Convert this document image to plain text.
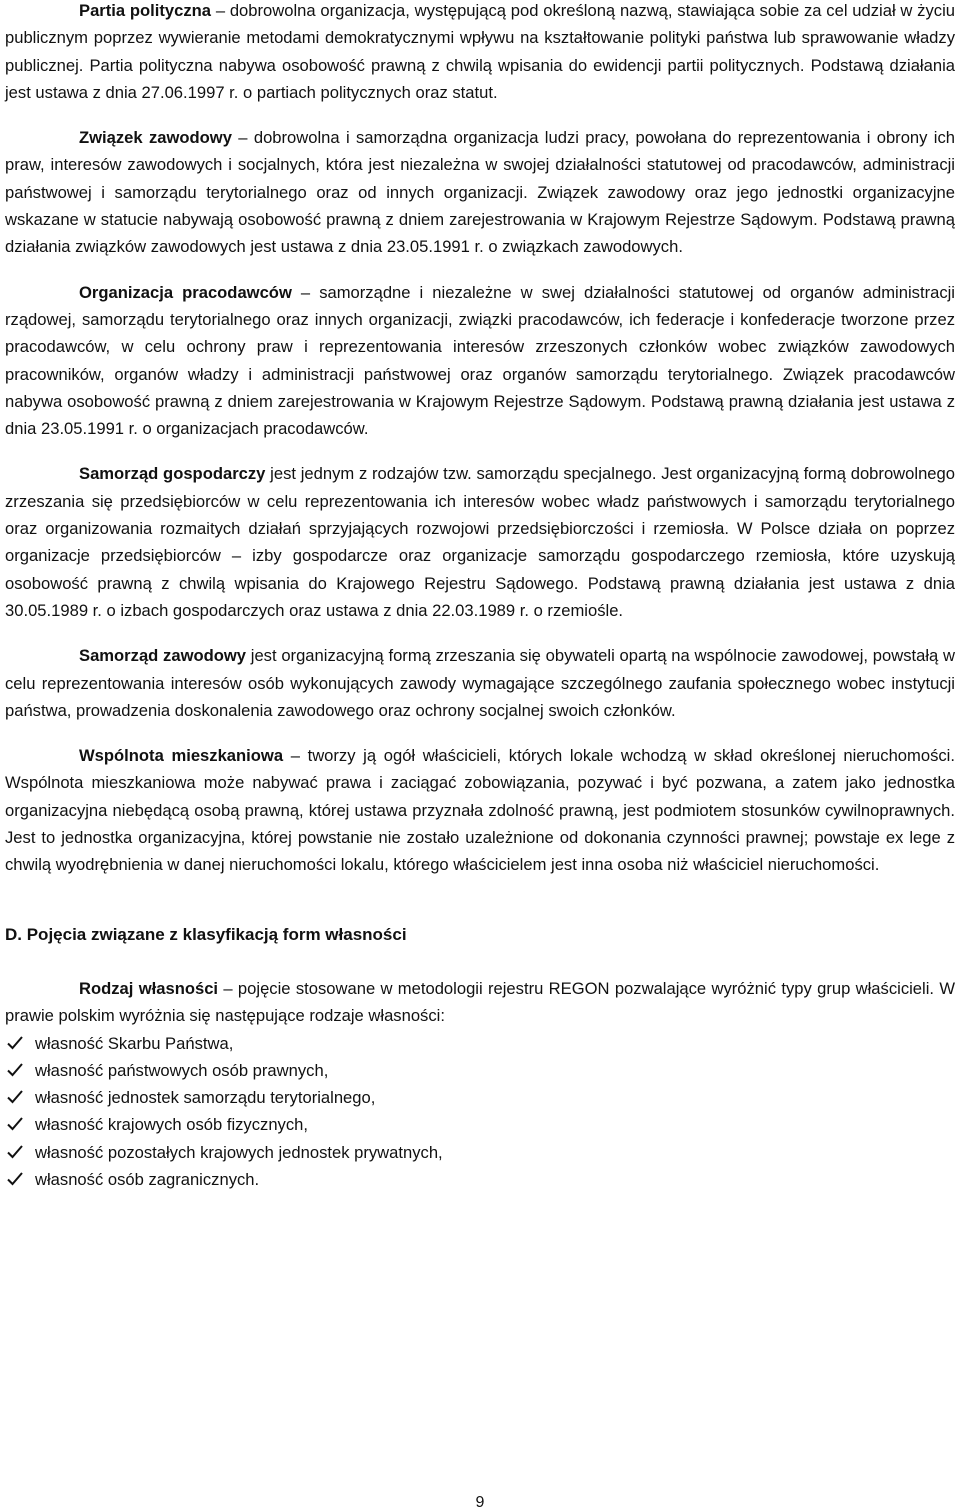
Partia polityczna – dobrowolna organizacja, występującą pod określoną nazwą, stawiająca sobie za cel udział w życiu publicznym poprzez wywieranie metodami demokratycznymi wpływu na kształtowanie polityki państwa lub sprawowanie władzy publicznej. Partia polityczna nabywa osobowość prawną z chwilą wpisania do ewidencji partii politycznych. Podstawą działania jest ustawa z dnia 27.06.1997 r. o partiach politycznych oraz statut.

Związek zawodowy – dobrowolna i samorządna organizacja ludzi pracy, powołana do reprezentowania i obrony ich praw, interesów zawodowych i socjalnych, która jest niezależna w swojej działalności statutowej od pracodawców, administracji państwowej i samorządu terytorialnego oraz od innych organizacji. Związek zawodowy oraz jego jednostki organizacyjne wskazane w statucie nabywają osobowość prawną z dniem zarejestrowania w Krajowym Rejestrze Sądowym. Podstawą prawną działania związków zawodowych jest ustawa z dnia 23.05.1991 r. o związkach zawodowych.

Organizacja pracodawców – samorządne i niezależne w swej działalności statutowej od organów administracji rządowej, samorządu terytorialnego oraz innych organizacji, związki pracodawców, ich federacje i konfederacje tworzone przez pracodawców, w celu ochrony praw i reprezentowania interesów zrzeszonych członków wobec związków zawodowych pracowników, organów władzy i administracji państwowej oraz organów samorządu terytorialnego. Związek pracodawców nabywa osobowość prawną z dniem zarejestrowania w Krajowym Rejestrze Sądowym. Podstawą prawną działania jest ustawa z dnia 23.05.1991 r. o organizacjach pracodawców.

Samorząd gospodarczy jest jednym z rodzajów tzw. samorządu specjalnego. Jest organizacyjną formą dobrowolnego zrzeszania się przedsiębiorców w celu reprezentowania ich interesów wobec władz państwowych i samorządu terytorialnego oraz organizowania rozmaitych działań sprzyjających rozwojowi przedsiębiorczości i rzemiosła. W Polsce działa on poprzez organizacje przedsiębiorców – izby gospodarcze oraz organizacje samorządu gospodarczego rzemiosła, które uzyskują osobowość prawną z chwilą wpisania do Krajowego Rejestru Sądowego. Podstawą prawną działania jest ustawa z dnia 30.05.1989 r. o izbach gospodarczych oraz ustawa z dnia 22.03.1989 r. o rzemiośle.

Samorząd zawodowy jest organizacyjną formą zrzeszania się obywateli opartą na wspólnocie zawodowej, powstałą w celu reprezentowania interesów osób wykonujących zawody wymagające szczególnego zaufania społecznego wobec instytucji państwa, prowadzenia doskonalenia zawodowego oraz ochrony socjalnej swoich członków.

Wspólnota mieszkaniowa – tworzy ją ogół właścicieli, których lokale wchodzą w skład określonej nieruchomości. Wspólnota mieszkaniowa może nabywać prawa i zaciągać zobowiązania, pozywać i być pozwana, a zatem jako jednostka organizacyjna niebędącą osobą prawną, której ustawa przyznała zdolność prawną, jest podmiotem stosunków cywilnoprawnych. Jest to jednostka organizacyjna, której powstanie nie zostało uzależnione od dokonania czynności prawnej; powstaje ex lege z chwilą wyodrębnienia w danej nieruchomości lokalu, którego właścicielem jest inna osoba niż właściciel nieruchomości.

D. Pojęcia związane z klasyfikacją form własności

Rodzaj własności – pojęcie stosowane w metodologii rejestru REGON pozwalające wyróżnić typy grup właścicieli. W prawie polskim wyróżnia się następujące rodzaje własności:

własność Skarbu Państwa,
własność państwowych osób prawnych,
własność jednostek samorządu terytorialnego,
własność krajowych osób fizycznych,
własność pozostałych krajowych jednostek prywatnych,
własność osób zagranicznych.
9
